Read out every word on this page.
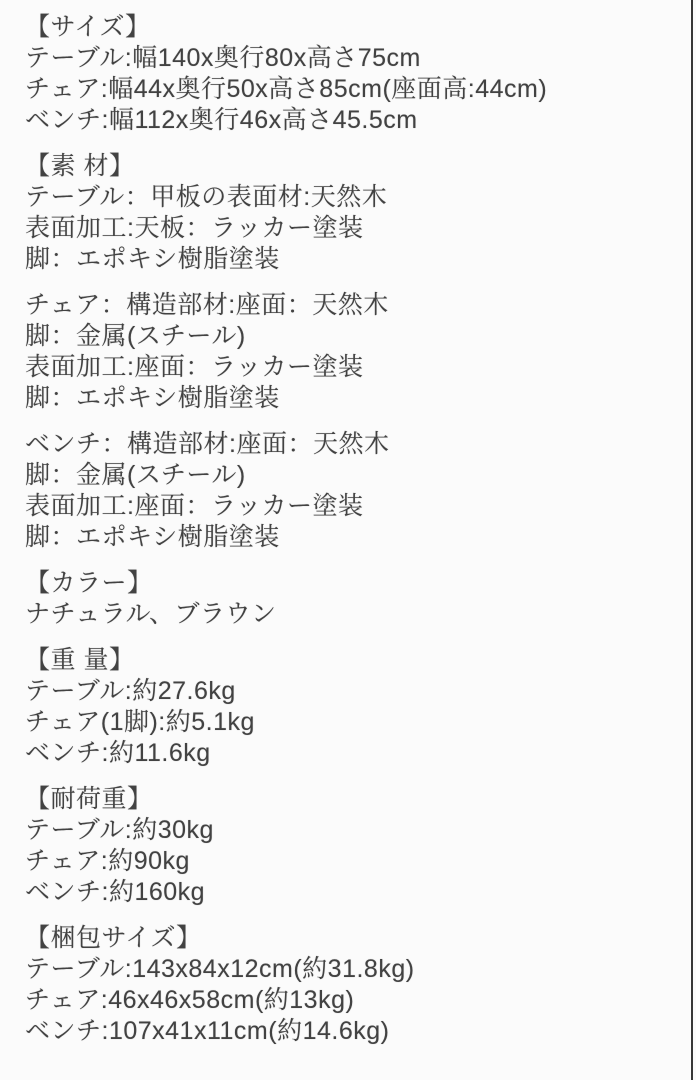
【サイズ】

テーブル:幅140x奥行80x高さ75cm

チェア:幅44x奥行50x高さ85cm(座面高:44cm)

ベンチ:幅112x奥行46x高さ45.5cm

【素 材】

テーブル：甲板の表面材:天然木

表面加工:天板：ラッカー塗装

脚：エポキシ樹脂塗装

チェア：構造部材:座面：天然木

脚：金属(スチール)

表面加工:座面：ラッカー塗装

脚：エポキシ樹脂塗装

ベンチ：構造部材:座面：天然木

脚：金属(スチール)

表面加工:座面：ラッカー塗装

脚：エポキシ樹脂塗装

【カラー】

ナチュラル、ブラウン

【重 量】

テーブル:約27.6kg

チェア(1脚):約5.1kg

ベンチ:約11.6kg

【耐荷重】

テーブル:約30kg

チェア:約90kg

ベンチ:約160kg

【梱包サイズ】

テーブル:143x84x12cm(約31.8kg)

チェア:46x46x58cm(約13kg)

ベンチ:107x41x11cm(約14.6kg)
